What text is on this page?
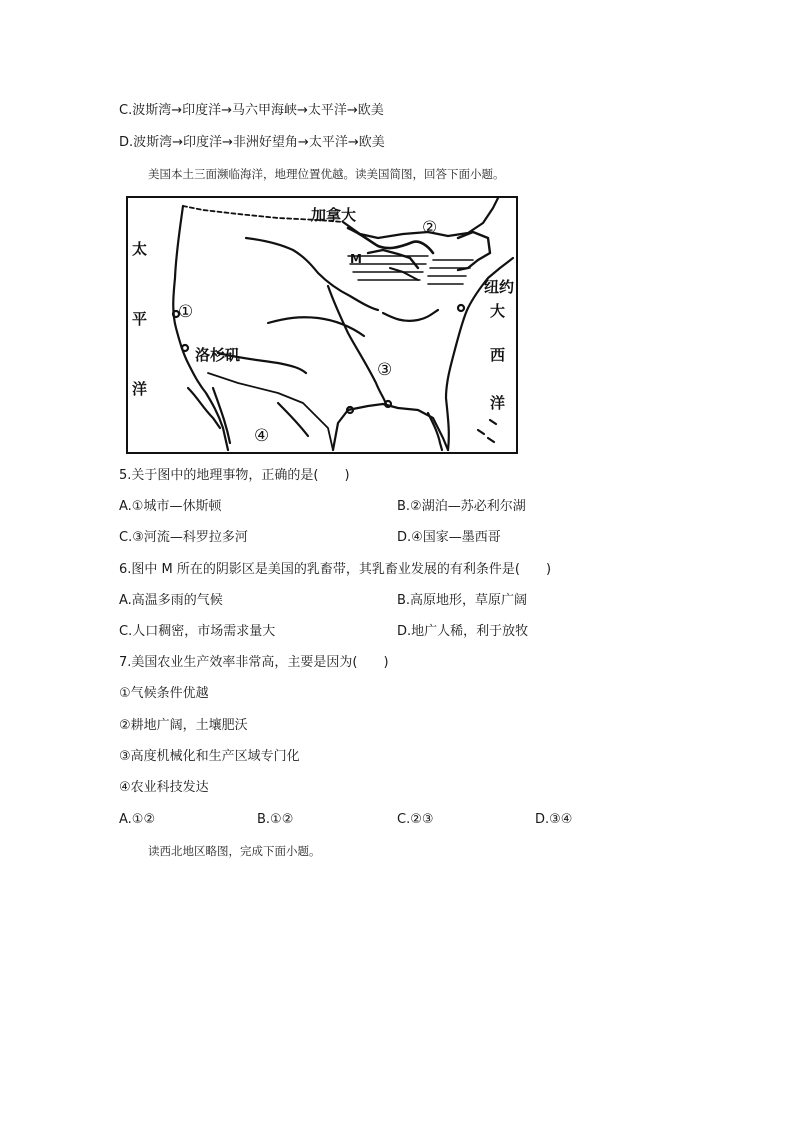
C.波斯湾→印度洋→马六甲海峡→太平洋→欧美
D.波斯湾→印度洋→非洲好望角→太平洋→欧美
美国本土三面濒临海洋，地理位置优越。读美国简图，回答下面小题。
加拿大
M
太
平
洋
洛杉矶
纽约
大
西
洋
①
②
③
④
5.关于图中的地理事物，正确的是(　　)
A.①城市—休斯顿	B.②湖泊—苏必利尔湖
C.③河流—科罗拉多河	D.④国家—墨西哥
6.图中 M 所在的阴影区是美国的乳畜带，其乳畜业发展的有利条件是(　　)
A.高温多雨的气候	B.高原地形，草原广阔
C.人口稠密，市场需求量大	D.地广人稀，利于放牧
7.美国农业生产效率非常高，主要是因为(　　)
①气候条件优越
②耕地广阔，土壤肥沃
③高度机械化和生产区域专门化
④农业科技发达
A.①②	B.①②	C.②③	D.③④
读西北地区略图，完成下面小题。
